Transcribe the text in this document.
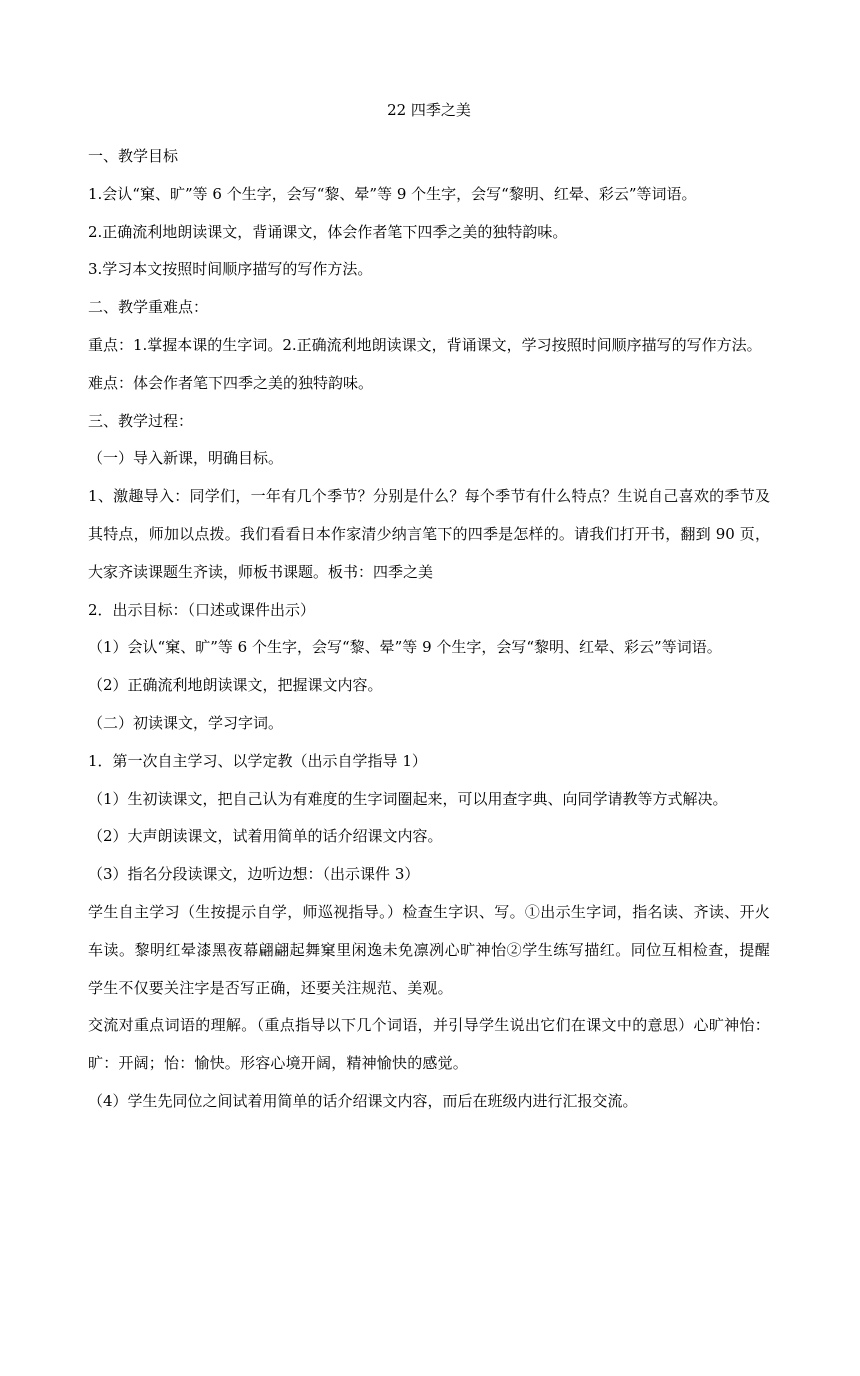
22 四季之美

一、教学目标

1.会认“窠、旷”等 6 个生字，会写“黎、晕”等 9 个生字，会写“黎明、红晕、彩云”等词语。

2.正确流利地朗读课文，背诵课文，体会作者笔下四季之美的独特韵味。

3.学习本文按照时间顺序描写的写作方法。

二、教学重难点：

重点：1.掌握本课的生字词。2.正确流利地朗读课文，背诵课文，学习按照时间顺序描写的写作方法。

难点：体会作者笔下四季之美的独特韵味。

三、教学过程：

（一）导入新课，明确目标。

1、激趣导入：同学们，一年有几个季节？分别是什么？每个季节有什么特点？生说自己喜欢的季节及其特点，师加以点拨。我们看看日本作家清少纳言笔下的四季是怎样的。请我们打开书，翻到 90 页，大家齐读课题生齐读，师板书课题。板书：四季之美

2．出示目标：（口述或课件出示）

（1）会认“窠、旷”等 6 个生字，会写“黎、晕”等 9 个生字，会写“黎明、红晕、彩云”等词语。

（2）正确流利地朗读课文，把握课文内容。

（二）初读课文，学习字词。

1．第一次自主学习、以学定教（出示自学指导 1）

（1）生初读课文，把自己认为有难度的生字词圈起来，可以用查字典、向同学请教等方式解决。

（2）大声朗读课文，试着用简单的话介绍课文内容。

（3）指名分段读课文，边听边想：（出示课件 3）

学生自主学习（生按提示自学，师巡视指导。）检查生字识、写。①出示生字词，指名读、齐读、开火车读。黎明红晕漆黑夜幕翩翩起舞窠里闲逸未免凛冽心旷神怡②学生练写描红。同位互相检查，提醒学生不仅要关注字是否写正确，还要关注规范、美观。

交流对重点词语的理解。（重点指导以下几个词语，并引导学生说出它们在课文中的意思）心旷神怡：旷：开阔；怡：愉快。形容心境开阔，精神愉快的感觉。

（4）学生先同位之间试着用简单的话介绍课文内容，而后在班级内进行汇报交流。
